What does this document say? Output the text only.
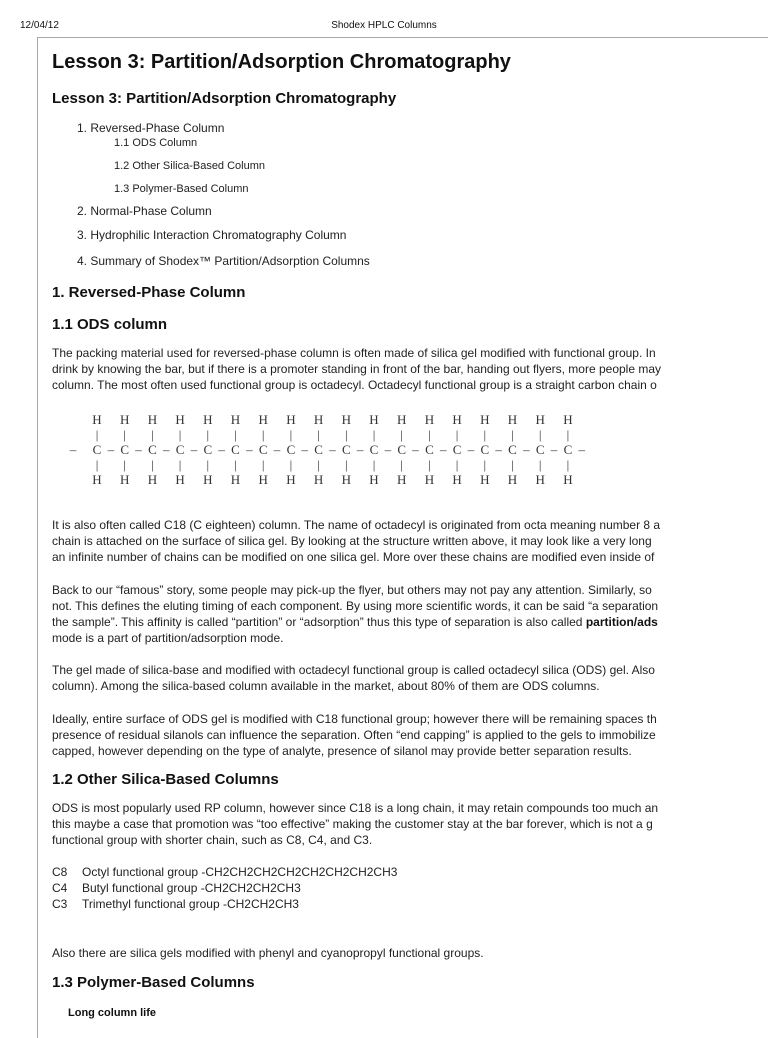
12/04/12	Shodex HPLC Columns
Lesson 3: Partition/Adsorption Chromatography
Lesson 3: Partition/Adsorption Chromatography
1. Reversed-Phase Column
1.1 ODS Column
1.2 Other Silica-Based Column
1.3 Polymer-Based Column
2. Normal-Phase Column
3. Hydrophilic Interaction Chromatography Column
4. Summary of Shodex™ Partition/Adsorption Columns
1. Reversed-Phase Column
1.1 ODS column
The packing material used for reversed-phase column is often made of silica gel modified with functional group. In
drink by knowing the bar, but if there is a promoter standing in front of the bar, handing out flyers, more people may
column. The most often used functional group is octadecyl. Octadecyl functional group is a straight carbon chain o
–
H
|
C
|
H
–
H
|
C
|
H
–
H
|
C
|
H
–
H
|
C
|
H
–
H
|
C
|
H
–
H
|
C
|
H
–
H
|
C
|
H
–
H
|
C
|
H
–
H
|
C
|
H
–
H
|
C
|
H
–
H
|
C
|
H
–
H
|
C
|
H
–
H
|
C
|
H
–
H
|
C
|
H
–
H
|
C
|
H
–
H
|
C
|
H
–
H
|
C
|
H
–
H
|
C
|
H
–
It is also often called C18 (C eighteen) column. The name of octadecyl is originated from octa meaning number 8 a
chain is attached on the surface of silica gel. By looking at the structure written above, it may look like a very long
an infinite number of chains can be modified on one silica gel. More over these chains are modified even inside of
Back to our “famous” story, some people may pick-up the flyer, but others may not pay any attention. Similarly, so
not. This defines the eluting timing of each component. By using more scientific words, it can be said “a separation
the sample”. This affinity is called “partition” or “adsorption” thus this type of separation is also called partition/ads
mode is a part of partition/adsorption mode.
The gel made of silica-base and modified with octadecyl functional group is called octadecyl silica (ODS) gel. Also
column). Among the silica-based column available in the market, about 80% of them are ODS columns.
Ideally, entire surface of ODS gel is modified with C18 functional group; however there will be remaining spaces th
presence of residual silanols can influence the separation. Often “end capping” is applied to the gels to immobilize
capped, however depending on the type of analyte, presence of silanol may provide better separation results.
1.2 Other Silica-Based Columns
ODS is most popularly used RP column, however since C18 is a long chain, it may retain compounds too much an
this maybe a case that promotion was “too effective” making the customer stay at the bar forever, which is not a g
functional group with shorter chain, such as C8, C4, and C3.
C8 Octyl functional group -CH2CH2CH2CH2CH2CH2CH2CH3
C4 Butyl functional group -CH2CH2CH2CH3
C3 Trimethyl functional group -CH2CH2CH3
Also there are silica gels modified with phenyl and cyanopropyl functional groups.
1.3 Polymer-Based Columns
Long column life
